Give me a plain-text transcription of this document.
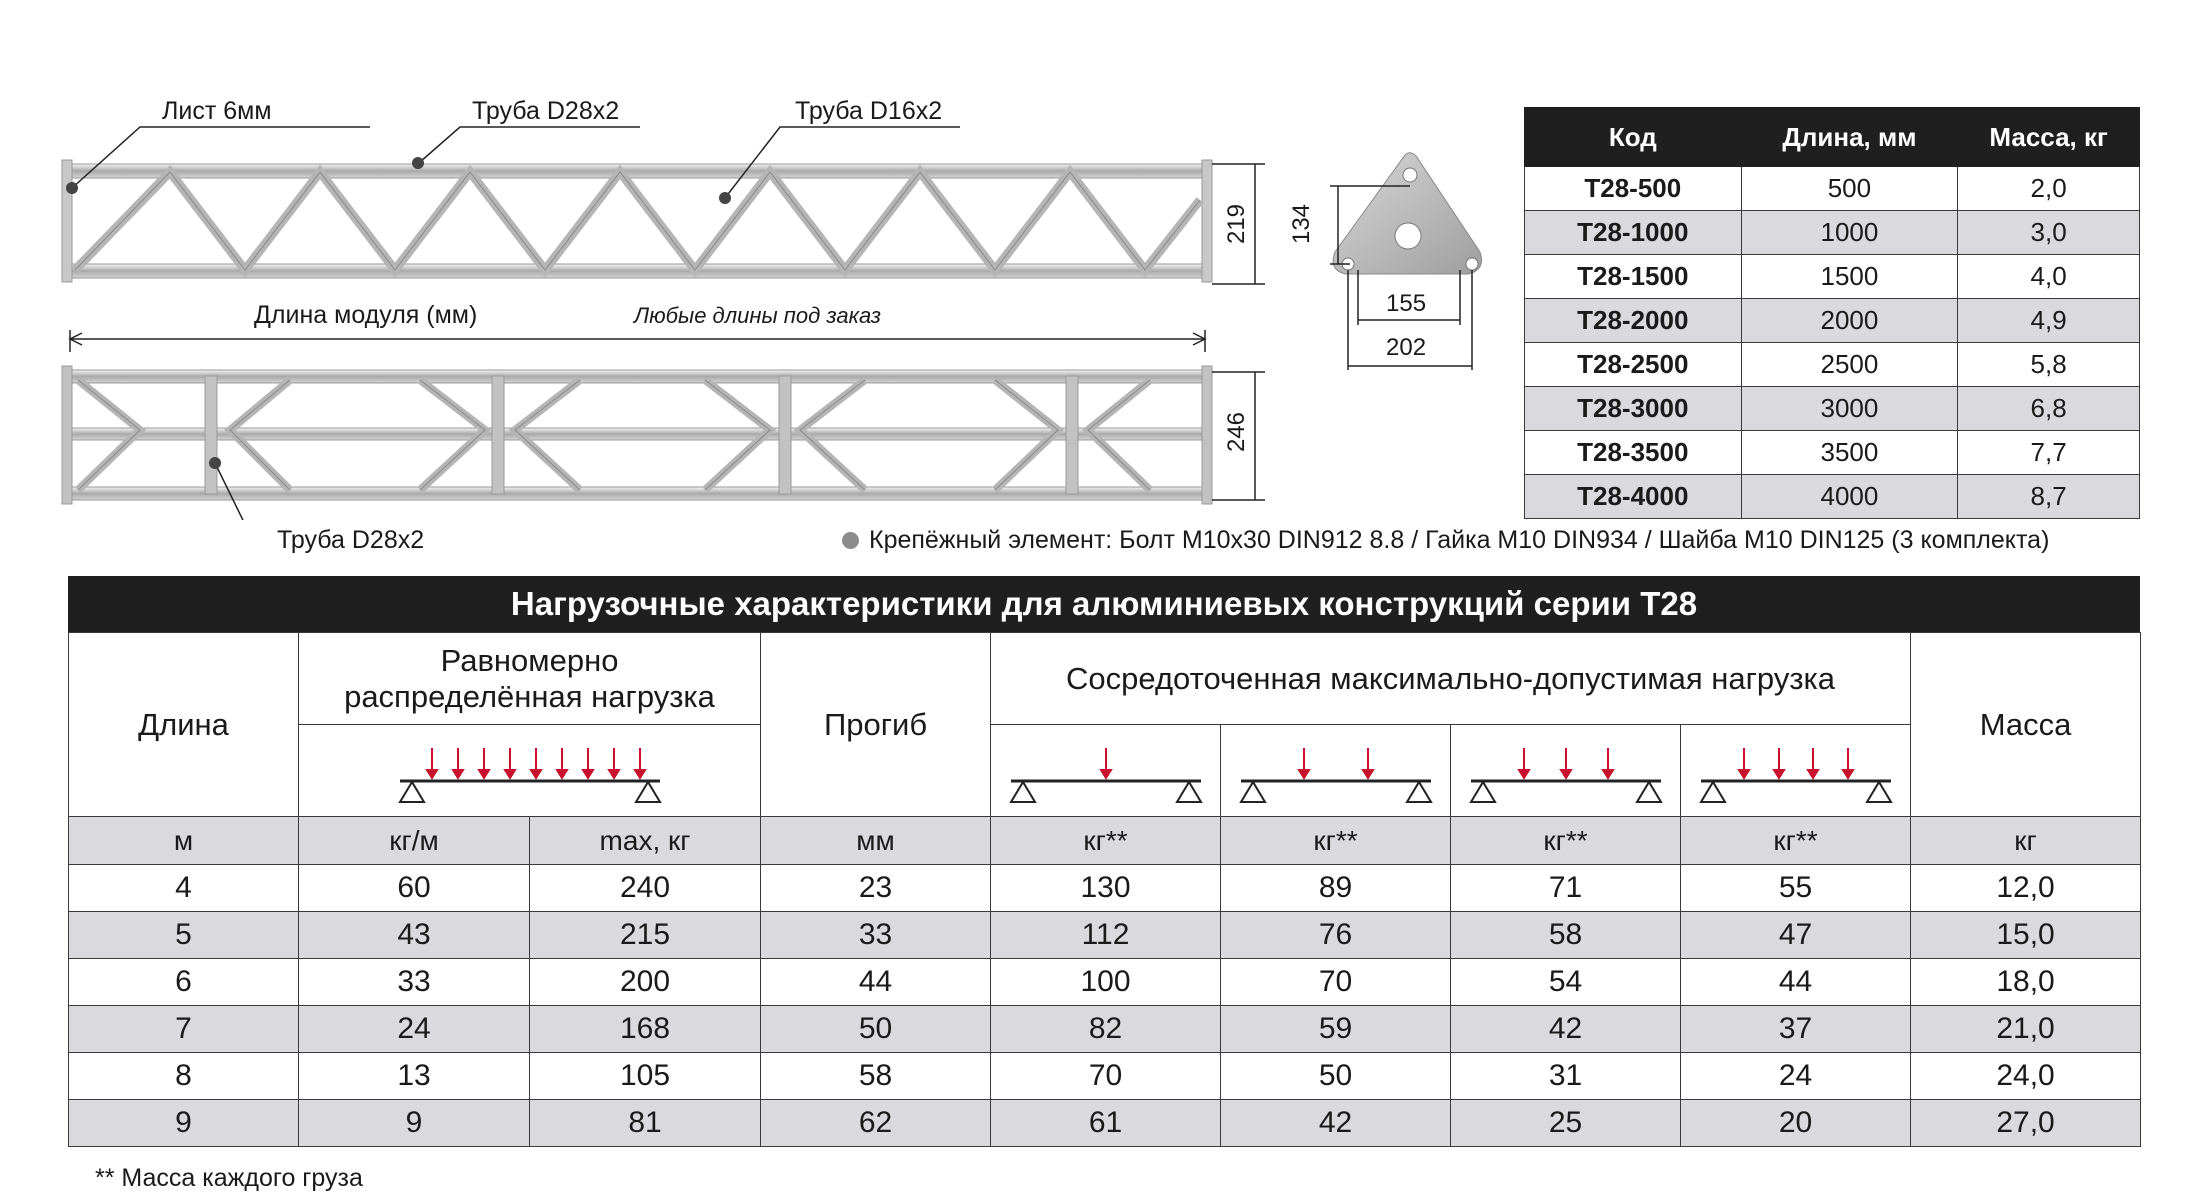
Лист 6мм	Труба D28x2	Труба D16x2
Длина модуля (мм)	Любые длины под заказ
Труба D28x2
219
246
134
155
202
Крепёжный элемент: Болт М10x30 DIN912 8.8 / Гайка М10 DIN934 / Шайба М10 DIN125 (3 комплекта)
Код	Длина, мм	Масса, кг
T28-500	500	2,0
T28-1000	1000	3,0
T28-1500	1500	4,0
T28-2000	2000	4,9
T28-2500	2500	5,8
T28-3000	3000	6,8
T28-3500	3500	7,7
T28-4000	4000	8,7
Нагрузочные характеристики для алюминиевых конструкций серии Т28
Длина	Равномерно распределённая нагрузка		Прогиб	Сосредоточенная максимально-допустимая нагрузка				Масса

м	кг/м	max, кг	мм	кг**	кг**	кг**	кг**	кг
4	60	240	23	130	89	71	55	12,0
5	43	215	33	112	76	58	47	15,0
6	33	200	44	100	70	54	44	18,0
7	24	168	50	82	59	42	37	21,0
8	13	105	58	70	50	31	24	24,0
9	9	81	62	61	42	25	20	27,0
** Масса каждого груза
